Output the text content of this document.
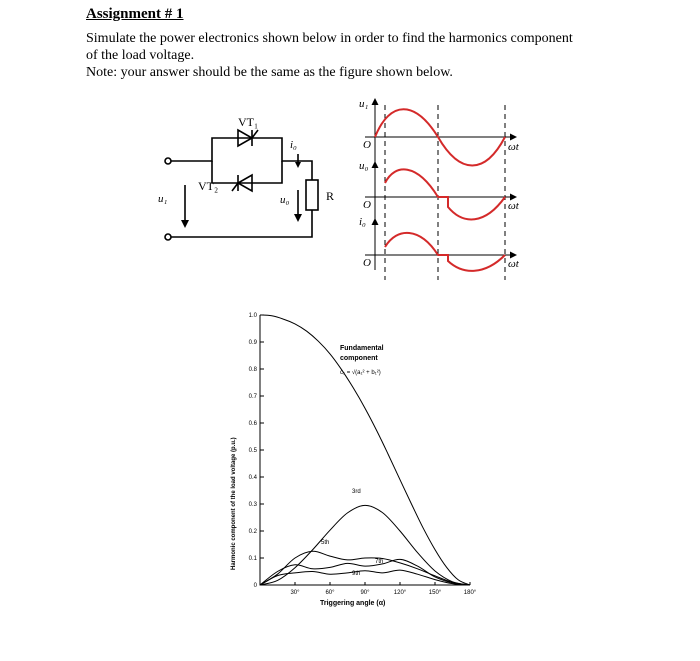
Assignment # 1

Simulate the power electronics shown below in order to find the harmonics component

of the load voltage.

Note: your answer should be the same as the figure shown below.

VT₁
VT₂
u₁
i₀
u₀	R
u₁
u₀
i₀
O
O
O
ωt
ωt
ωt
0
0.1
0.2
0.3
0.4
0.5
0.6
0.7
0.8
0.9
1.0
30°	60°	90°	120°	150°	180°
Harmonic component of the load voltage (p.u.)
Triggering angle (α)
Fundamental
component
c₁ = √(a₁² + b₁²)
3rd
5th
7th
9th
